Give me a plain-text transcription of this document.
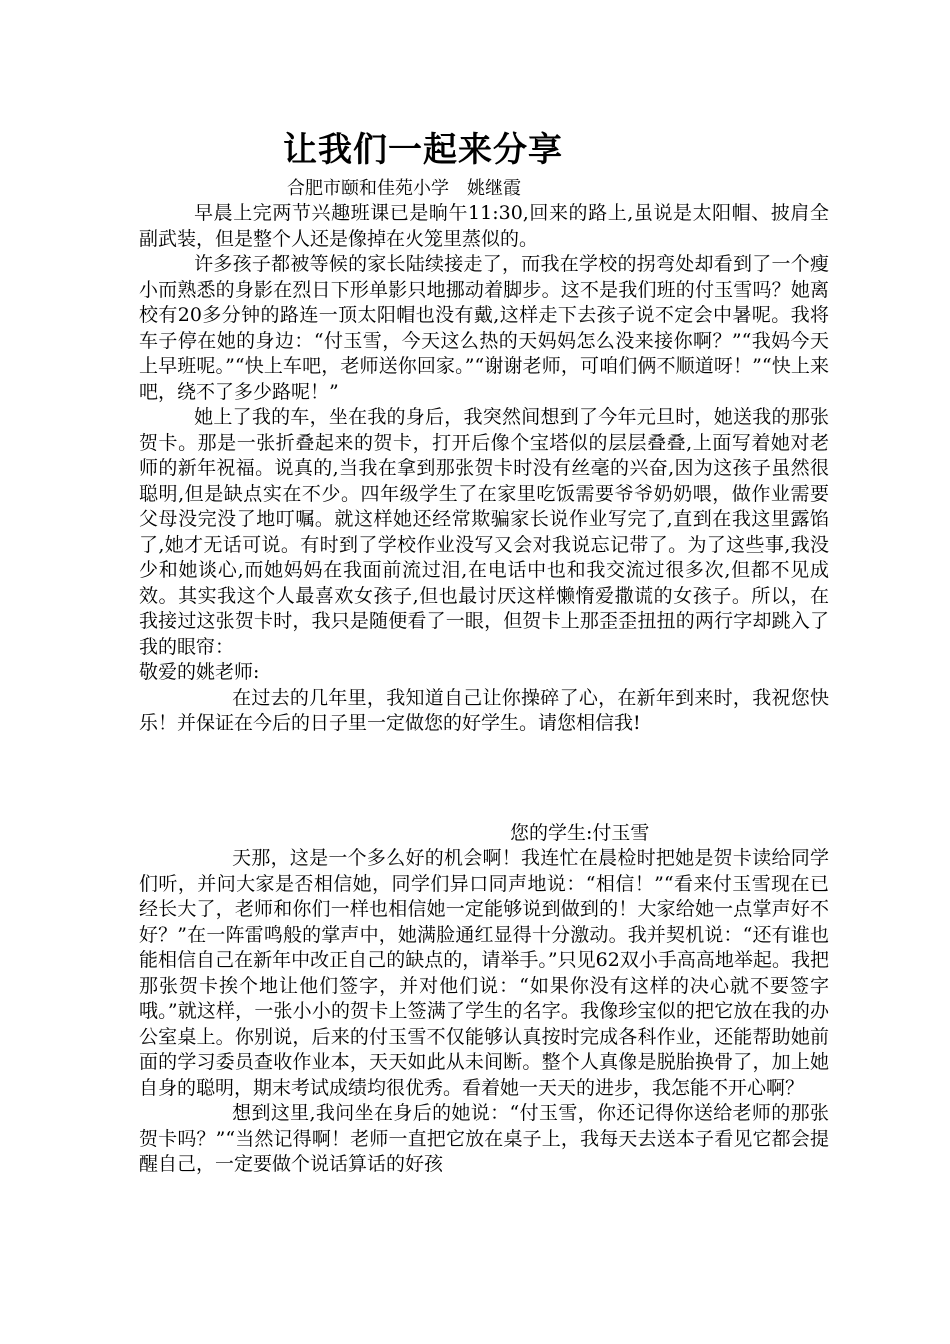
让我们一起来分享
合肥市颐和佳苑小学　姚继霞

早晨上完两节兴趣班课已是晌午11:30,回来的路上,虽说是太阳帽、披肩全副武装，但是整个人还是像掉在火笼里蒸似的。

许多孩子都被等候的家长陆续接走了，而我在学校的拐弯处却看到了一个瘦小而熟悉的身影在烈日下形单影只地挪动着脚步。这不是我们班的付玉雪吗？她离校有20多分钟的路连一顶太阳帽也没有戴,这样走下去孩子说不定会中暑呢。我将车子停在她的身边：“付玉雪，今天这么热的天妈妈怎么没来接你啊？”“我妈今天上早班呢。”“快上车吧，老师送你回家。”“谢谢老师，可咱们俩不顺道呀！”“快上来吧，绕不了多少路呢！”

她上了我的车，坐在我的身后，我突然间想到了今年元旦时，她送我的那张贺卡。那是一张折叠起来的贺卡，打开后像个宝塔似的层层叠叠,上面写着她对老师的新年祝福。说真的,当我在拿到那张贺卡时没有丝毫的兴奋,因为这孩子虽然很聪明,但是缺点实在不少。四年级学生了在家里吃饭需要爷爷奶奶喂，做作业需要父母没完没了地叮嘱。就这样她还经常欺骗家长说作业写完了,直到在我这里露馅了,她才无话可说。有时到了学校作业没写又会对我说忘记带了。为了这些事,我没少和她谈心,而她妈妈在我面前流过泪,在电话中也和我交流过很多次,但都不见成效。其实我这个人最喜欢女孩子,但也最讨厌这样懒惰爱撒谎的女孩子。所以，在我接过这张贺卡时，我只是随便看了一眼，但贺卡上那歪歪扭扭的两行字却跳入了我的眼帘：

敬爱的姚老师:

在过去的几年里，我知道自己让你操碎了心，在新年到来时，我祝您快乐！并保证在今后的日子里一定做您的好学生。请您相信我!

您的学生:付玉雪

天那，这是一个多么好的机会啊！我连忙在晨检时把她是贺卡读给同学们听，并问大家是否相信她，同学们异口同声地说：“相信！”“看来付玉雪现在已经长大了，老师和你们一样也相信她一定能够说到做到的！大家给她一点掌声好不好？”在一阵雷鸣般的掌声中，她满脸通红显得十分激动。我并契机说：“还有谁也能相信自己在新年中改正自己的缺点的，请举手。”只见62双小手高高地举起。我把那张贺卡挨个地让他们签字，并对他们说：“如果你没有这样的决心就不要签字哦。”就这样，一张小小的贺卡上签满了学生的名字。我像珍宝似的把它放在我的办公室桌上。你别说，后来的付玉雪不仅能够认真按时完成各科作业，还能帮助她前面的学习委员查收作业本，天天如此从未间断。整个人真像是脱胎换骨了，加上她自身的聪明，期末考试成绩均很优秀。看着她一天天的进步，我怎能不开心啊？

想到这里,我问坐在身后的她说：“付玉雪，你还记得你送给老师的那张贺卡吗？”“当然记得啊！老师一直把它放在桌子上，我每天去送本子看见它都会提醒自己，一定要做个说话算话的好孩
